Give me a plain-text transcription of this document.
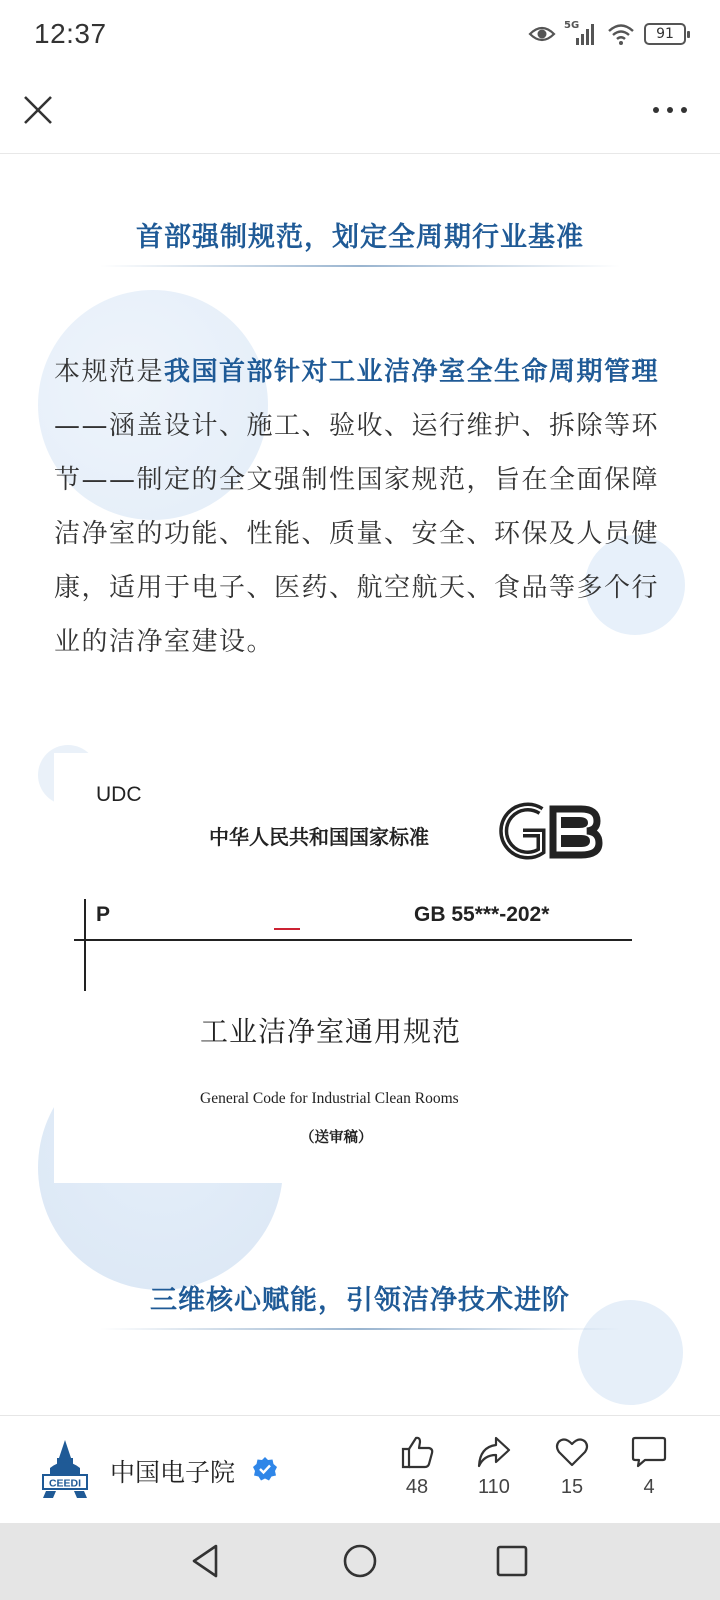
12:37	5G
91
首部强制规范，划定全周期行业基准
本规范是我国首部针对工业洁净室全生命周期管理——涵盖设计、施工、验收、运行维护、拆除等环节——制定的全文强制性国家规范，旨在全面保障洁净室的功能、性能、质量、安全、环保及人员健康，适用于电子、医药、航空航天、食品等多个行业的洁净室建设。
UDC
中华人民共和国国家标准
P	GB 55***-202*
工业洁净室通用规范
General Code for Industrial Clean Rooms
（送审稿）
三维核心赋能，引领洁净技术进阶
CEEDI 中国电子院	48	110	15	4
